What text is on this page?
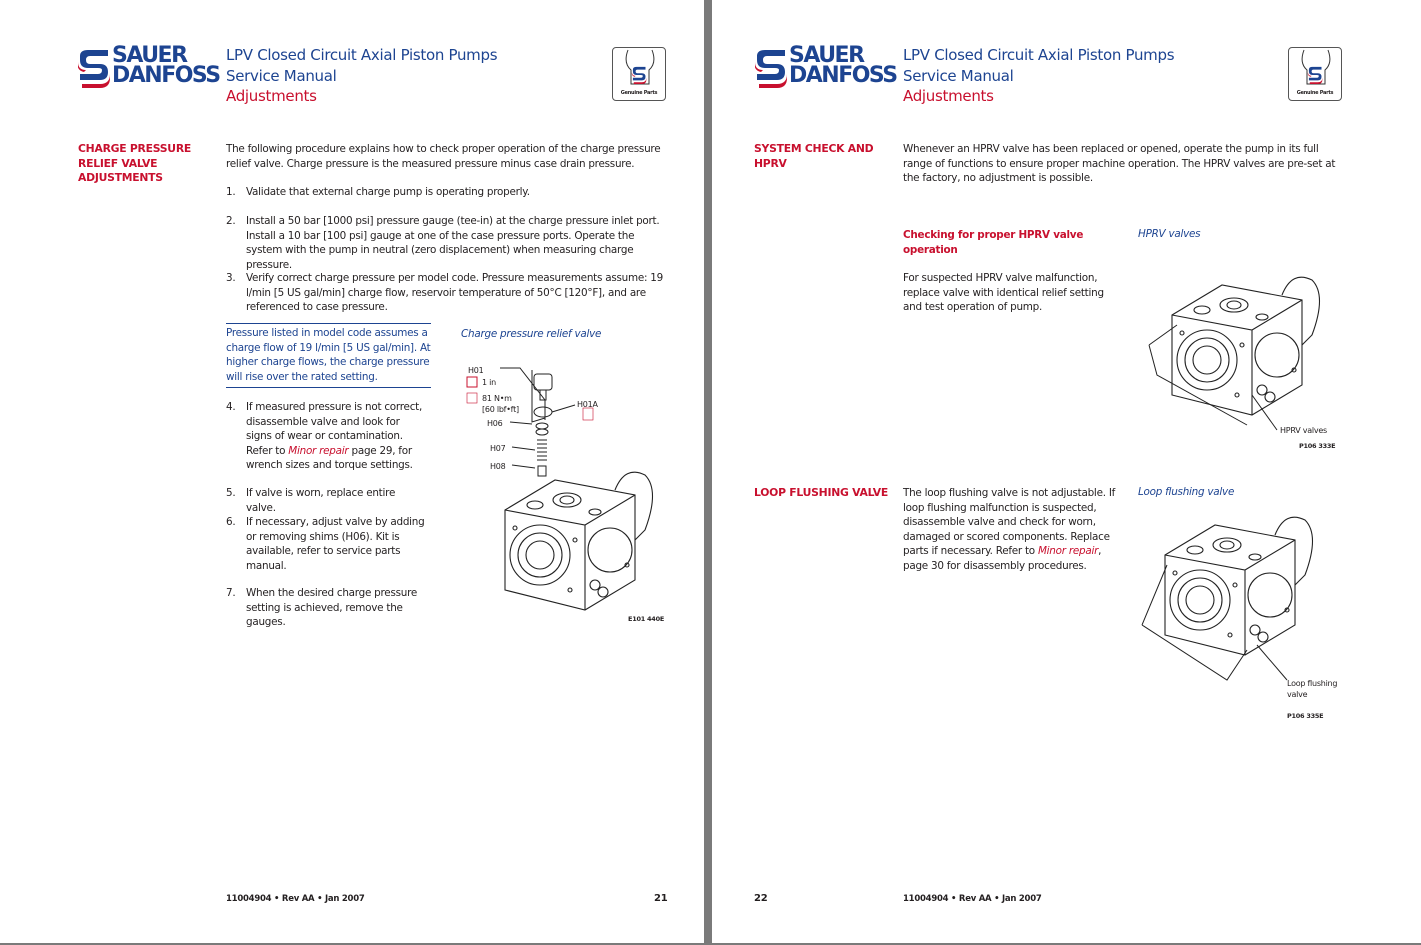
SAUER
DANFOSS
LPV Closed Circuit Axial Piston Pumps
Service Manual
Adjustments	Genuine Parts
CHARGE PRESSURE RELIEF VALVE ADJUSTMENTS
The following procedure explains how to check proper operation of the charge pressure relief valve. Charge pressure is the measured pressure minus case drain pressure.
1. Validate that external charge pump is operating properly.
2. Install a 50 bar [1000 psi] pressure gauge (tee-in) at the charge pressure inlet port. Install a 10 bar [100 psi] gauge at one of the case pressure ports. Operate the system with the pump in neutral (zero displacement) when measuring charge pressure.
3. Verify correct charge pressure per model code. Pressure measurements assume: 19 l/min [5 US gal/min] charge flow, reservoir temperature of 50°C [120°F], and are referenced to case pressure.
Pressure listed in model code assumes a charge flow of 19 l/min [5 US gal/min]. At higher charge flows, the charge pressure will rise over the rated setting.
4. If measured pressure is not correct, disassemble valve and look for signs of wear or contamination. Refer to Minor repair page 29, for wrench sizes and torque settings.
5. If valve is worn, replace entire valve.
6. If necessary, adjust valve by adding or removing shims (H06). Kit is available, refer to service parts manual.
7. When the desired charge pressure setting is achieved, remove the gauges.
Charge pressure relief valve
H01
1 in
81 N•m
[60 lbf•ft]
H01A
H06
H07
H08
E101 440E
11004904 • Rev AA • Jan 2007	21
SAUER
DANFOSS
LPV Closed Circuit Axial Piston Pumps
Service Manual
Adjustments	Genuine Parts
SYSTEM CHECK AND HPRV
Whenever an HPRV valve has been replaced or opened, operate the pump in its full range of functions to ensure proper machine operation. The HPRV valves are pre-set at the factory, no adjustment is possible.
Checking for proper HPRV valve operation
For suspected HPRV valve malfunction, replace valve with identical relief setting and test operation of pump.
HPRV valves
HPRV valves
P106 333E
LOOP FLUSHING VALVE The loop flushing valve is not adjustable. If loop flushing malfunction is suspected, disassemble valve and check for worn, damaged or scored components. Replace parts if necessary. Refer to Minor repair, page 30 for disassembly procedures.
Loop flushing valve
Loop flushing
valve
P106 335E
22	11004904 • Rev AA • Jan 2007
